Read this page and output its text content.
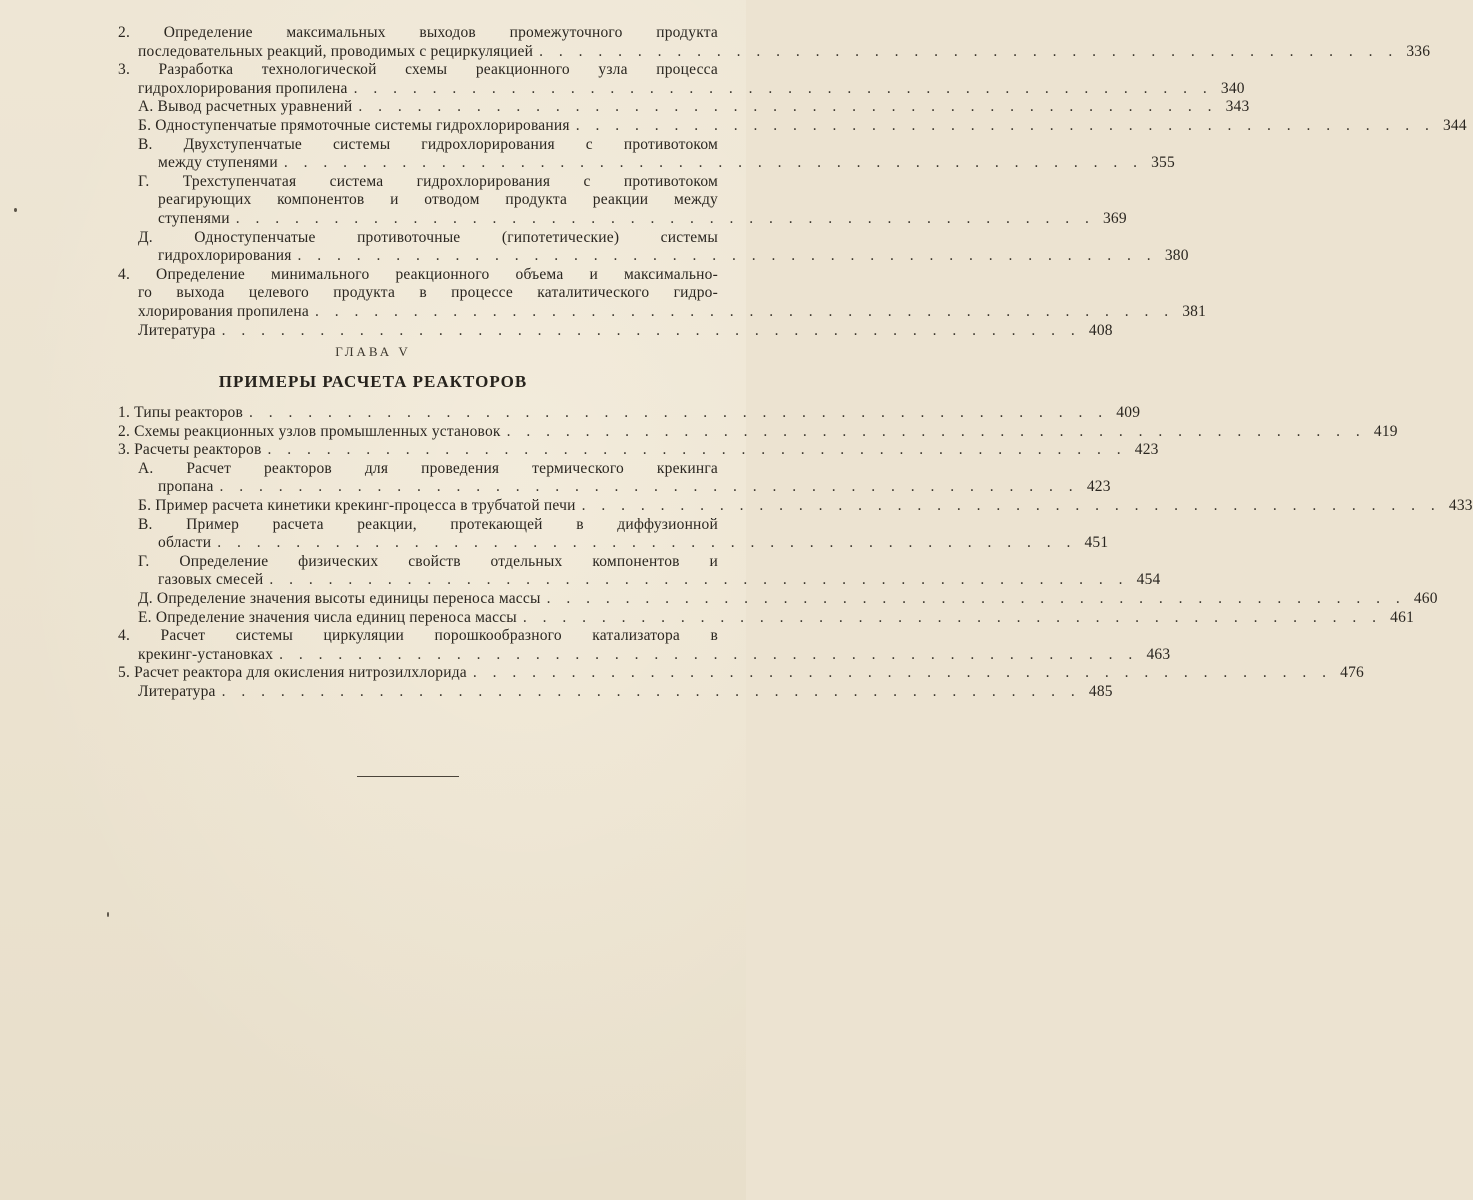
2. Определение максимальных выходов промежуточного продукта
последовательных реакций, проводимых с рециркуляцией . . . . . . . . . . . . . . . . . . . . . . . . . . . . . . . . . . . . . . . . . . . . 336
3. Разработка технологической схемы реакционного узла процесса
гидрохлорирования пропилена . . . . . . . . . . . . . . . . . . . . . . . . . . . . . . . . . . . . . . . . . . . . 340
А. Вывод расчетных уравнений . . . . . . . . . . . . . . . . . . . . . . . . . . . . . . . . . . . . . . . . . . . . 343
Б. Одноступенчатые прямоточные системы гидрохлорирования . . . . . . . . . . . . . . . . . . . . . . . . . . . . . . . . . . . . . . . . . . . . 344
В. Двухступенчатые системы гидрохлорирования с противотоком
между ступенями . . . . . . . . . . . . . . . . . . . . . . . . . . . . . . . . . . . . . . . . . . . . 355
Г. Трехступенчатая система гидрохлорирования с противотоком
реагирующих компонентов и отводом продукта реакции между
ступенями . . . . . . . . . . . . . . . . . . . . . . . . . . . . . . . . . . . . . . . . . . . . 369
Д. Одноступенчатые противоточные (гипотетические) системы
гидрохлорирования . . . . . . . . . . . . . . . . . . . . . . . . . . . . . . . . . . . . . . . . . . . . 380
4. Определение минимального реакционного объема и максимально-
го выхода целевого продукта в процессе каталитического гидро-
хлорирования пропилена . . . . . . . . . . . . . . . . . . . . . . . . . . . . . . . . . . . . . . . . . . . . 381
Литература . . . . . . . . . . . . . . . . . . . . . . . . . . . . . . . . . . . . . . . . . . . . 408
ГЛАВА V
ПРИМЕРЫ РАСЧЕТА РЕАКТОРОВ
1. Типы реакторов . . . . . . . . . . . . . . . . . . . . . . . . . . . . . . . . . . . . . . . . . . . . 409
2. Схемы реакционных узлов промышленных установок . . . . . . . . . . . . . . . . . . . . . . . . . . . . . . . . . . . . . . . . . . . . 419
3. Расчеты реакторов . . . . . . . . . . . . . . . . . . . . . . . . . . . . . . . . . . . . . . . . . . . . 423
А. Расчет реакторов для проведения термического крекинга
пропана . . . . . . . . . . . . . . . . . . . . . . . . . . . . . . . . . . . . . . . . . . . . 423
Б. Пример расчета кинетики крекинг-процесса в трубчатой печи . . . . . . . . . . . . . . . . . . . . . . . . . . . . . . . . . . . . . . . . . . . . 433
В. Пример расчета реакции, протекающей в диффузионной
области . . . . . . . . . . . . . . . . . . . . . . . . . . . . . . . . . . . . . . . . . . . . 451
Г. Определение физических свойств отдельных компонентов и
газовых смесей . . . . . . . . . . . . . . . . . . . . . . . . . . . . . . . . . . . . . . . . . . . . 454
Д. Определение значения высоты единицы переноса массы . . . . . . . . . . . . . . . . . . . . . . . . . . . . . . . . . . . . . . . . . . . . 460
Е. Определение значения числа единиц переноса массы . . . . . . . . . . . . . . . . . . . . . . . . . . . . . . . . . . . . . . . . . . . . 461
4. Расчет системы циркуляции порошкообразного катализатора в
крекинг-установках . . . . . . . . . . . . . . . . . . . . . . . . . . . . . . . . . . . . . . . . . . . . 463
5. Расчет реактора для окисления нитрозилхлорида . . . . . . . . . . . . . . . . . . . . . . . . . . . . . . . . . . . . . . . . . . . . 476
Литература . . . . . . . . . . . . . . . . . . . . . . . . . . . . . . . . . . . . . . . . . . . . 485
